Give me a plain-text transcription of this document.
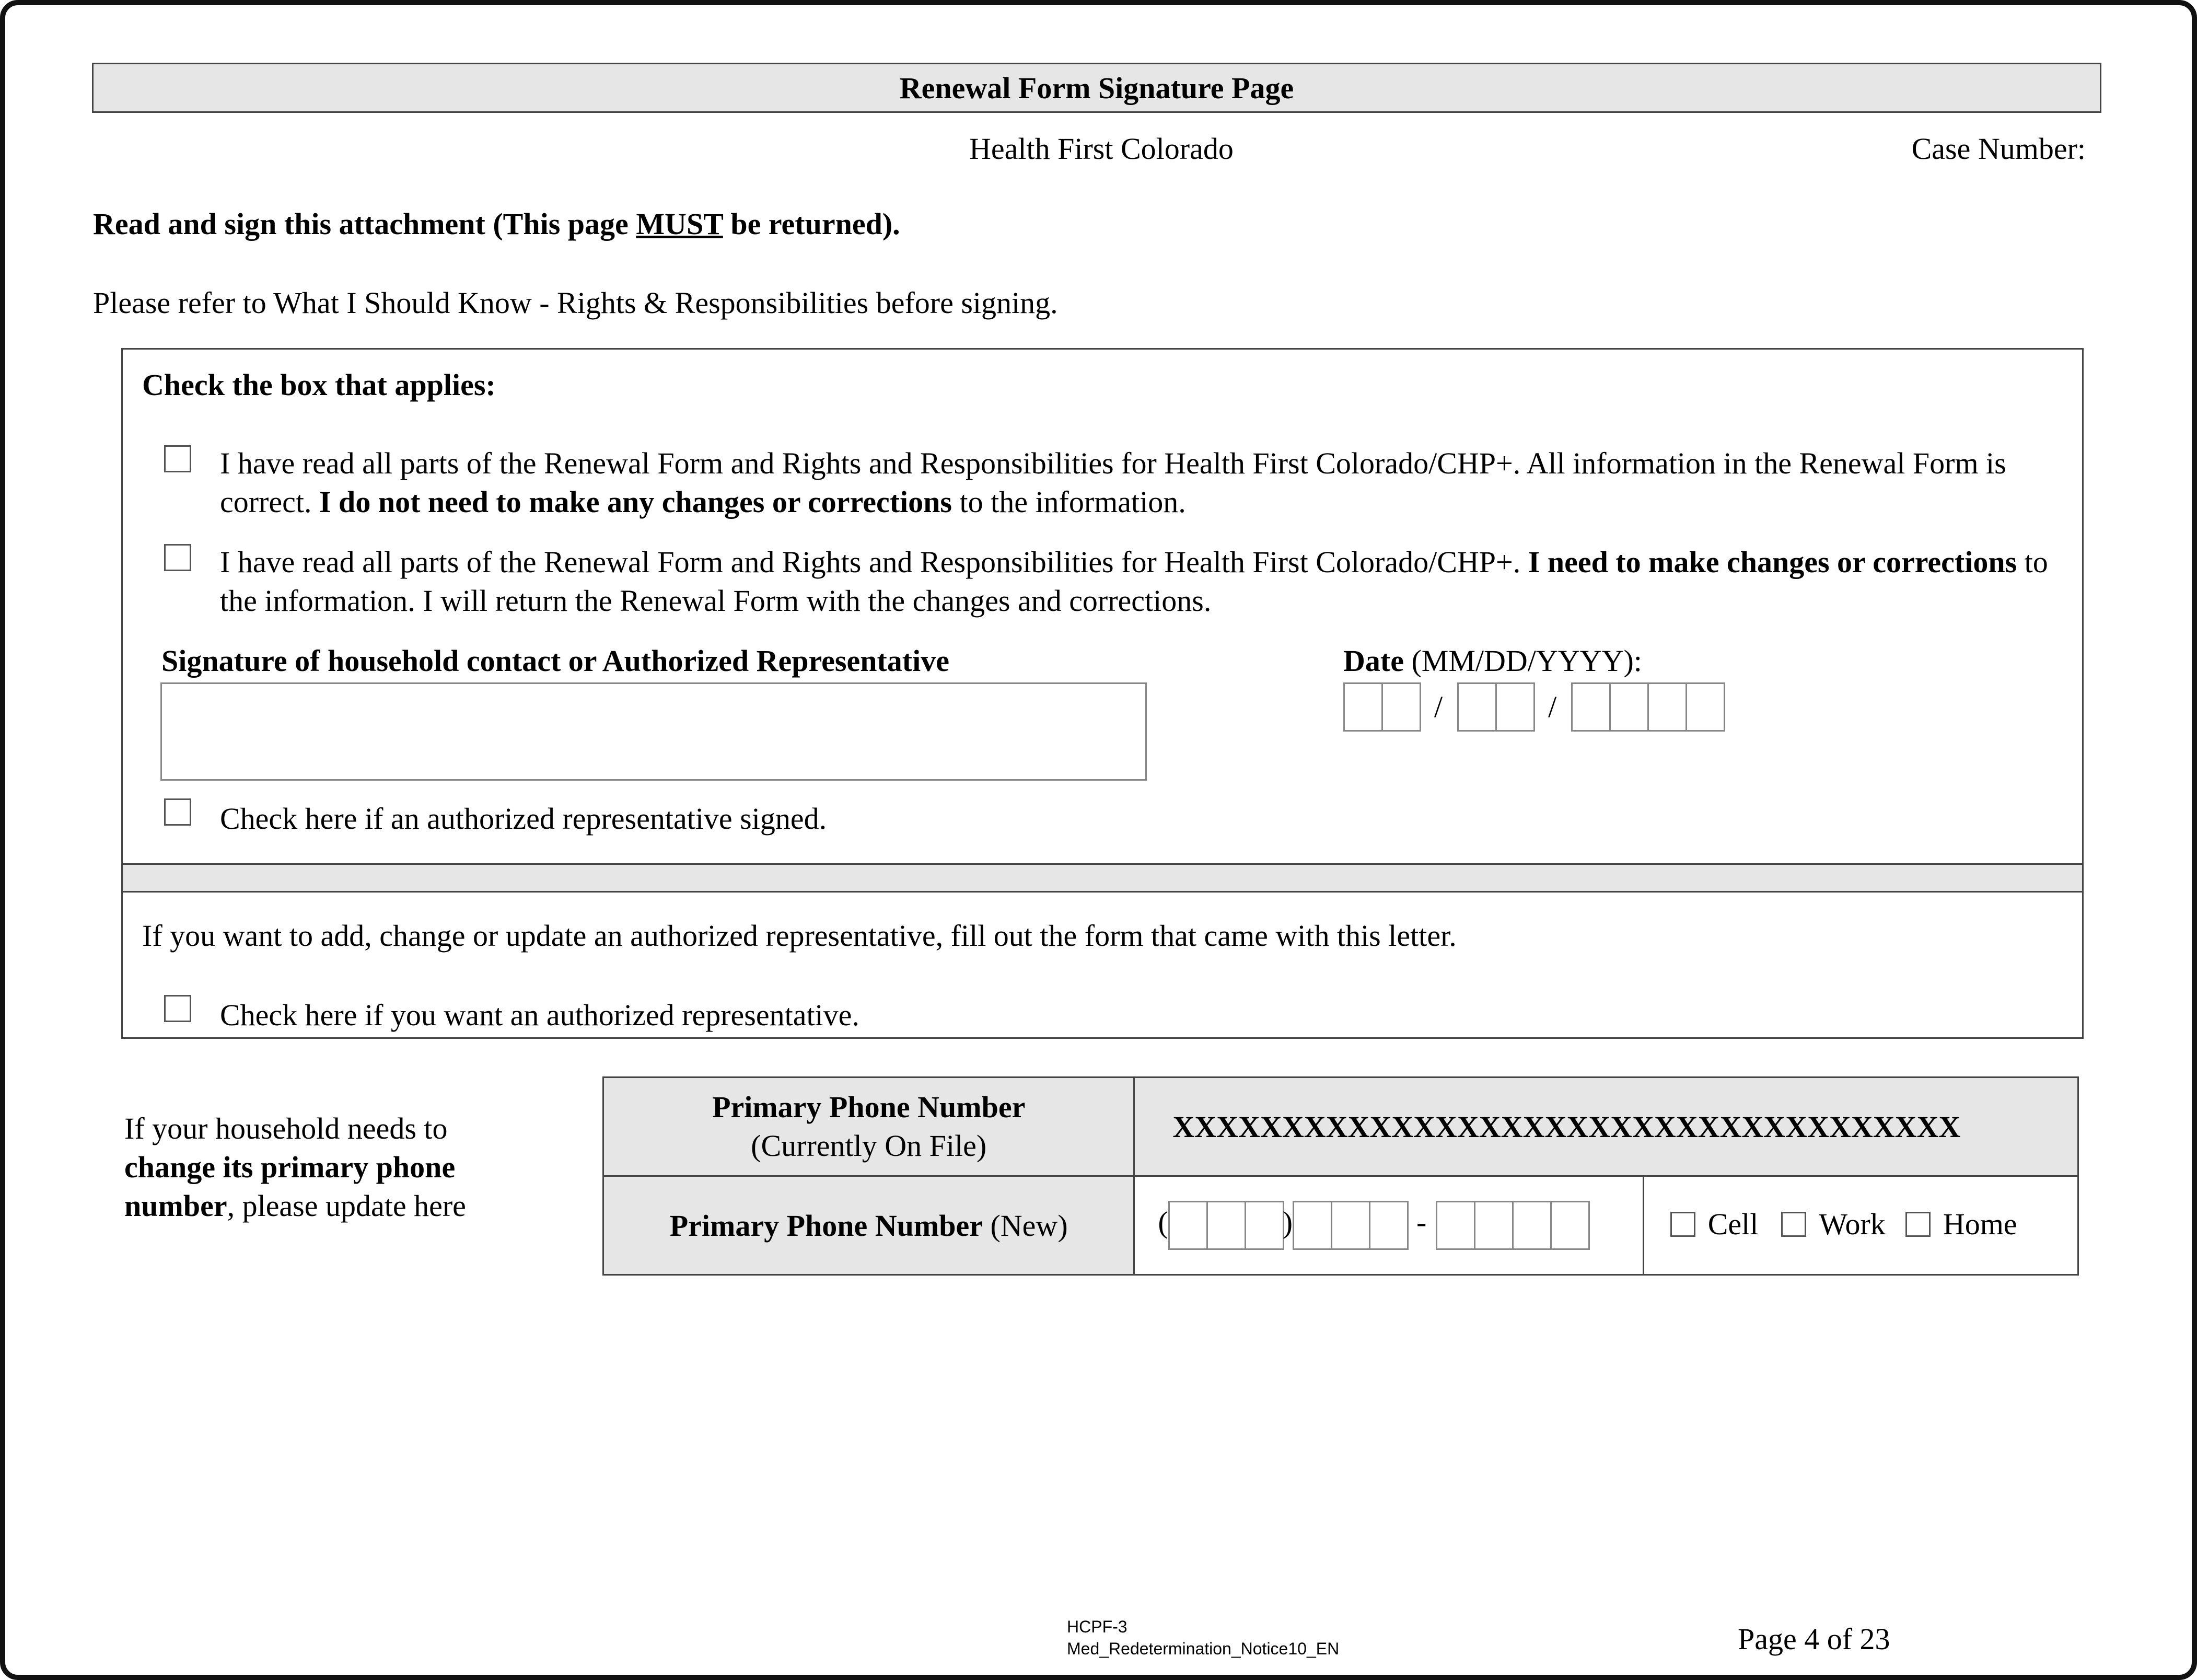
Renewal Form Signature Page
Health First Colorado	Case Number:
Read and sign this attachment (This page MUST be returned).
Please refer to What I Should Know - Rights & Responsibilities before signing.
Check the box that applies:
I have read all parts of the Renewal Form and Rights and Responsibilities for Health First Colorado/CHP+. All information in the Renewal Form is correct. I do not need to make any changes or corrections to the information.
I have read all parts of the Renewal Form and Rights and Responsibilities for Health First Colorado/CHP+. I need to make changes or corrections to the information. I will return the Renewal Form with the changes and corrections.
Signature of household contact or Authorized Representative	Date (MM/DD/YYYY):
/	/
Check here if an authorized representative signed.
If you want to add, change or update an authorized representative, fill out the form that came with this letter.
Check here if you want an authorized representative.
If your household needs to change its primary phone number, please update here
Primary Phone Number
(Currently On File)	XXXXXXXXXXXXXXXXXXXXXXXXXXXXXXXXXXXX	
Primary Phone Number (New)	( ) -	Cell Work Home
HCPF-3
Med_Redetermination_Notice10_EN	Page 4 of 23
